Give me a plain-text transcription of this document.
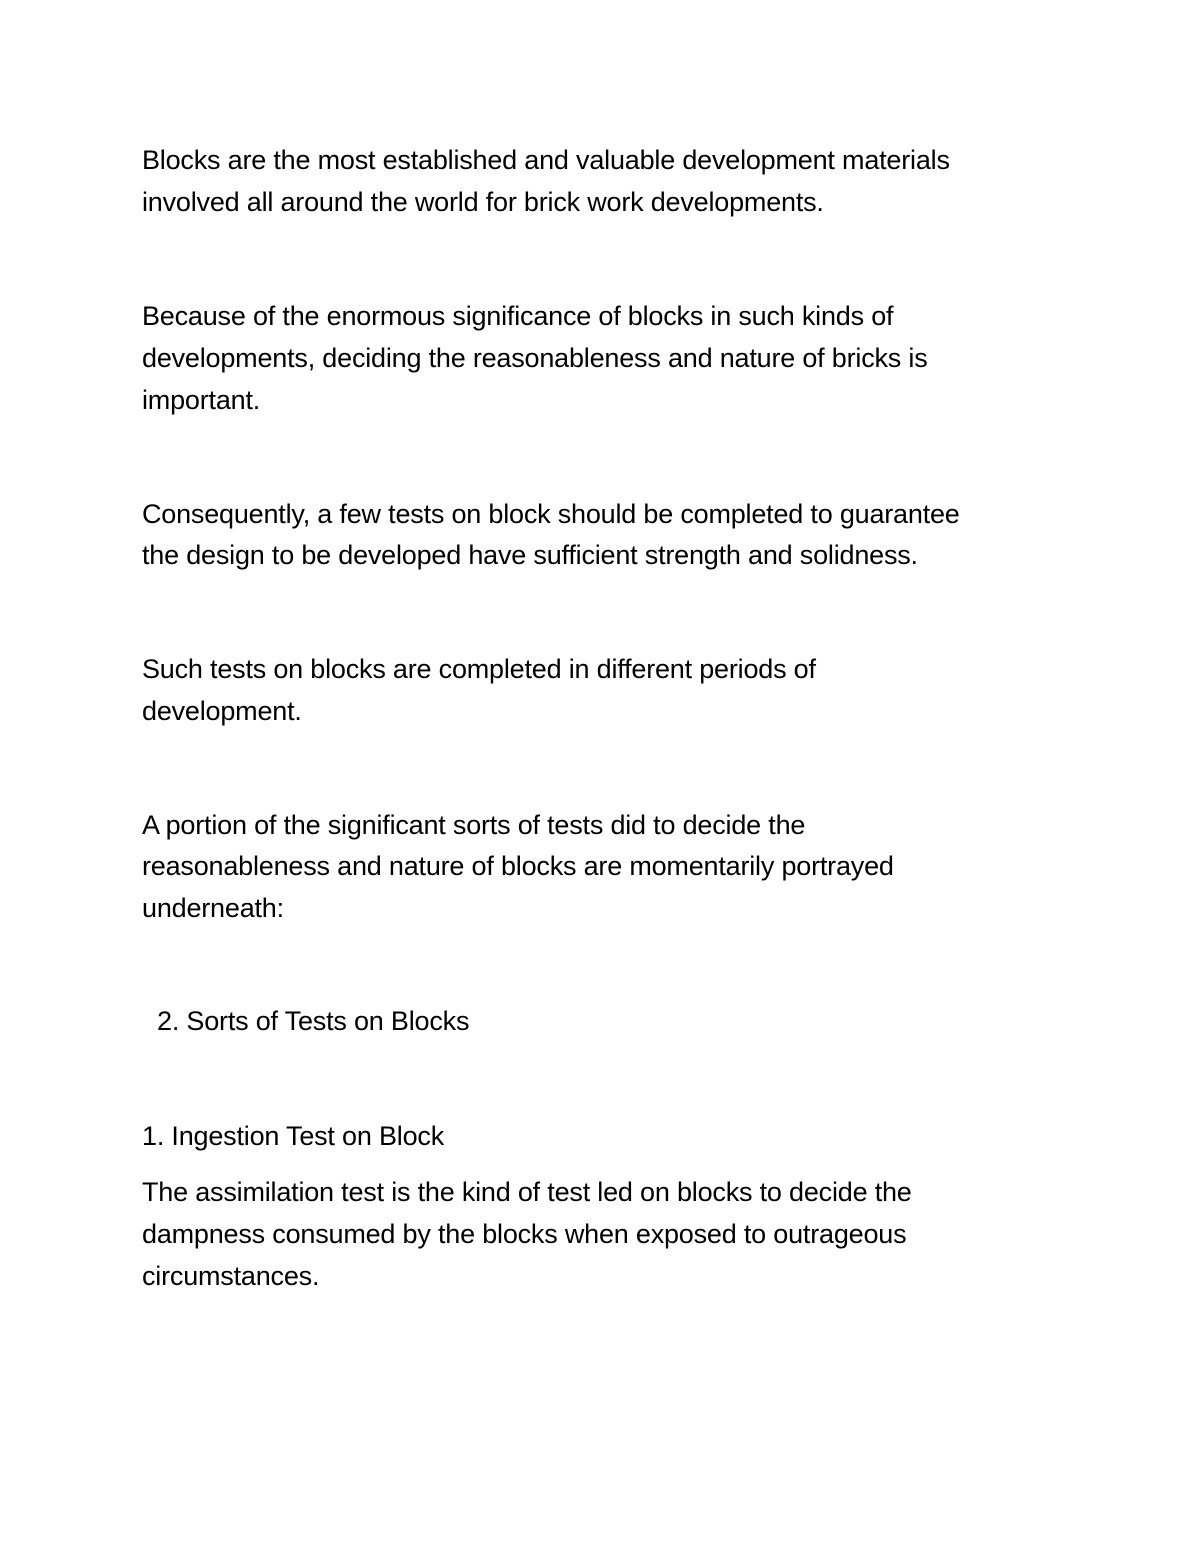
Blocks are the most established and valuable development materials
involved all around the world for brick work developments.
Because of the enormous significance of blocks in such kinds of
developments, deciding the reasonableness and nature of bricks is
important.
Consequently, a few tests on block should be completed to guarantee
the design to be developed have sufficient strength and solidness.
Such tests on blocks are completed in different periods of
development.
A portion of the significant sorts of tests did to decide the
reasonableness and nature of blocks are momentarily portrayed
underneath:
2. Sorts of Tests on Blocks
1. Ingestion Test on Block
The assimilation test is the kind of test led on blocks to decide the
dampness consumed by the blocks when exposed to outrageous
circumstances.
